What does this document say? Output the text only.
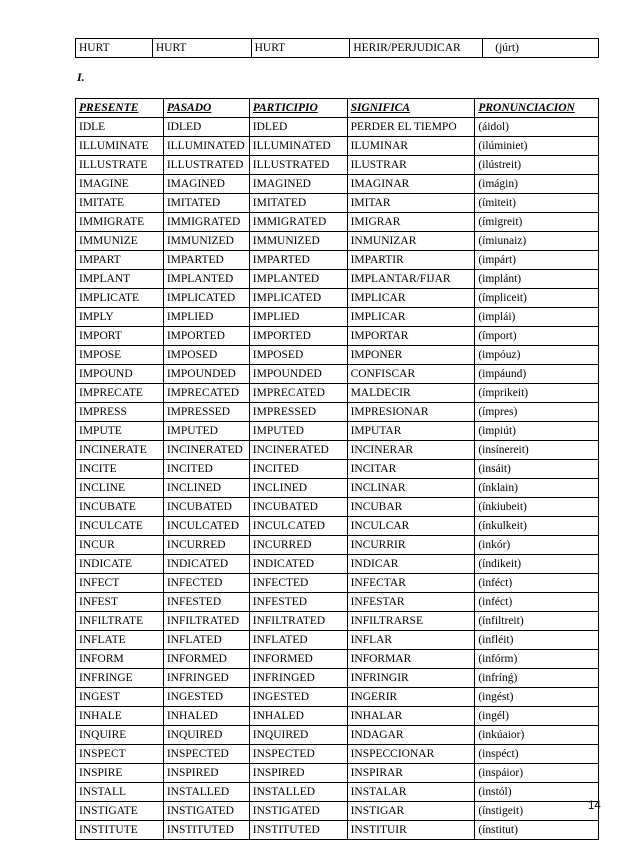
HURT	HURT	HURT	HERIR/PERJUDICAR	(júrt)
I.
PRESENTE	PASADO	PARTICIPIO	SIGNIFICA	PRONUNCIACION
IDLE	IDLED	IDLED	PERDER EL TIEMPO	(áidol)
ILLUMINATE	ILLUMINATED	ILLUMINATED	ILUMINAR	(ilúminiet)
ILLUSTRATE	ILLUSTRATED	ILLUSTRATED	ILUSTRAR	(ilústreit)
IMAGINE	IMAGINED	IMAGINED	IMAGINAR	(imágin)
IMITATE	IMITATED	IMITATED	IMITAR	(ímiteit)
IMMIGRATE	IMMIGRATED	IMMIGRATED	IMIGRAR	(ímigreit)
IMMUNIZE	IMMUNIZED	IMMUNIZED	INMUNIZAR	(ímiunaiz)
IMPART	IMPARTED	IMPARTED	IMPARTIR	(impárt)
IMPLANT	IMPLANTED	IMPLANTED	IMPLANTAR/FIJAR	(implánt)
IMPLICATE	IMPLICATED	IMPLICATED	IMPLICAR	(ímpliceit)
IMPLY	IMPLIED	IMPLIED	IMPLICAR	(implái)
IMPORT	IMPORTED	IMPORTED	IMPORTAR	(ímport)
IMPOSE	IMPOSED	IMPOSED	IMPONER	(impóuz)
IMPOUND	IMPOUNDED	IMPOUNDED	CONFISCAR	(impáund)
IMPRECATE	IMPRECATED	IMPRECATED	MALDECIR	(ímprikeit)
IMPRESS	IMPRESSED	IMPRESSED	IMPRESIONAR	(ímpres)
IMPUTE	IMPUTED	IMPUTED	IMPUTAR	(impiút)
INCINERATE	INCINERATED	INCINERATED	INCINERAR	(insínereit)
INCITE	INCITED	INCITED	INCITAR	(insáit)
INCLINE	INCLINED	INCLINED	INCLINAR	(ínklain)
INCUBATE	INCUBATED	INCUBATED	INCUBAR	(ínkiubeit)
INCULCATE	INCULCATED	INCULCATED	INCULCAR	(ínkulkeit)
INCUR	INCURRED	INCURRED	INCURRIR	(inkór)
INDICATE	INDICATED	INDICATED	INDICAR	(índikeit)
INFECT	INFECTED	INFECTED	INFECTAR	(inféct)
INFEST	INFESTED	INFESTED	INFESTAR	(inféct)
INFILTRATE	INFILTRATED	INFILTRATED	INFILTRARSE	(ínfiltreit)
INFLATE	INFLATED	INFLATED	INFLAR	(infléit)
INFORM	INFORMED	INFORMED	INFORMAR	(infórm)
INFRINGE	INFRINGED	INFRINGED	INFRINGIR	(infrínǵ)
INGEST	INGESTED	INGESTED	INGERIR	(ingést)
INHALE	INHALED	INHALED	INHALAR	(ingél)
INQUIRE	INQUIRED	INQUIRED	INDAGAR	(inkúaior)
INSPECT	INSPECTED	INSPECTED	INSPECCIONAR	(inspéct)
INSPIRE	INSPIRED	INSPIRED	INSPIRAR	(inspáior)
INSTALL	INSTALLED	INSTALLED	INSTALAR	(instól)
INSTIGATE	INSTIGATED	INSTIGATED	INSTIGAR	(ínstigeit)
INSTITUTE	INSTITUTED	INSTITUTED	INSTITUIR	(ínstitut)
14
